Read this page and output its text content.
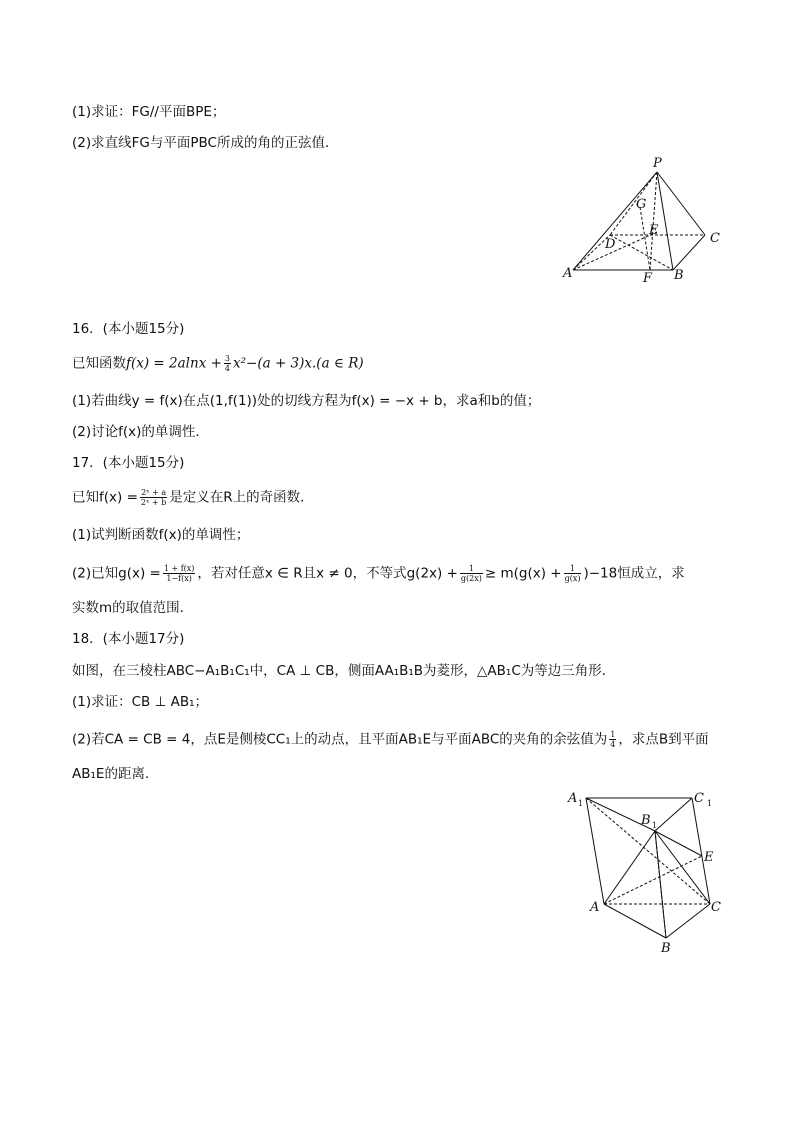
(1)求证：FG//平面BPE；
(2)求直线FG与平面PBC所成的角的正弦值．
P
G
E
D	C
A	F B
16．(本小题15分)
已知函数$f(x) = 2alnx + \frac{3}{4} x^2-(a + 3)x.(a$ ∈ R)
(1)若曲线y = f(x)在点(1,f(1))处的切线方程为f(x) = −x + b，求a和b的值；
(2)讨论f(x)的单调性．
17．(本小题15分)
已知$f(x) = \frac{\text{2ˣ + a}}{\text{2ˣ + b}}$ 是定义在R上的奇函数．
(1)试判断函数f(x)的单调性；
(2)已知$g(x) = \frac{1 + f(x)}{1-f(x)}$ ，若对任意x ∈ R且x ≠ 0，不等式$g(2x) + \frac{1}{g(2x)} \ge m(g(x) + \frac{1}{g(x)} )-18$恒成立，求
实数m的取值范围．
18．(本小题17分)
如图，在三棱柱ABC−A₁B₁C₁中，CA ⊥ CB，侧面AA₁B₁B为菱形，△AB₁C为等边三角形．
(1)求证：CB ⊥ AB₁；
(2)若CA = CB = 4，点E是侧棱CC₁上的动点，且平面AB₁E与平面ABC的夹角的余弦值为 $\frac{1}{4}$ ，求点B到平面
AB₁E的距离．
A 1	C 1
B 1
E
A	C
B
